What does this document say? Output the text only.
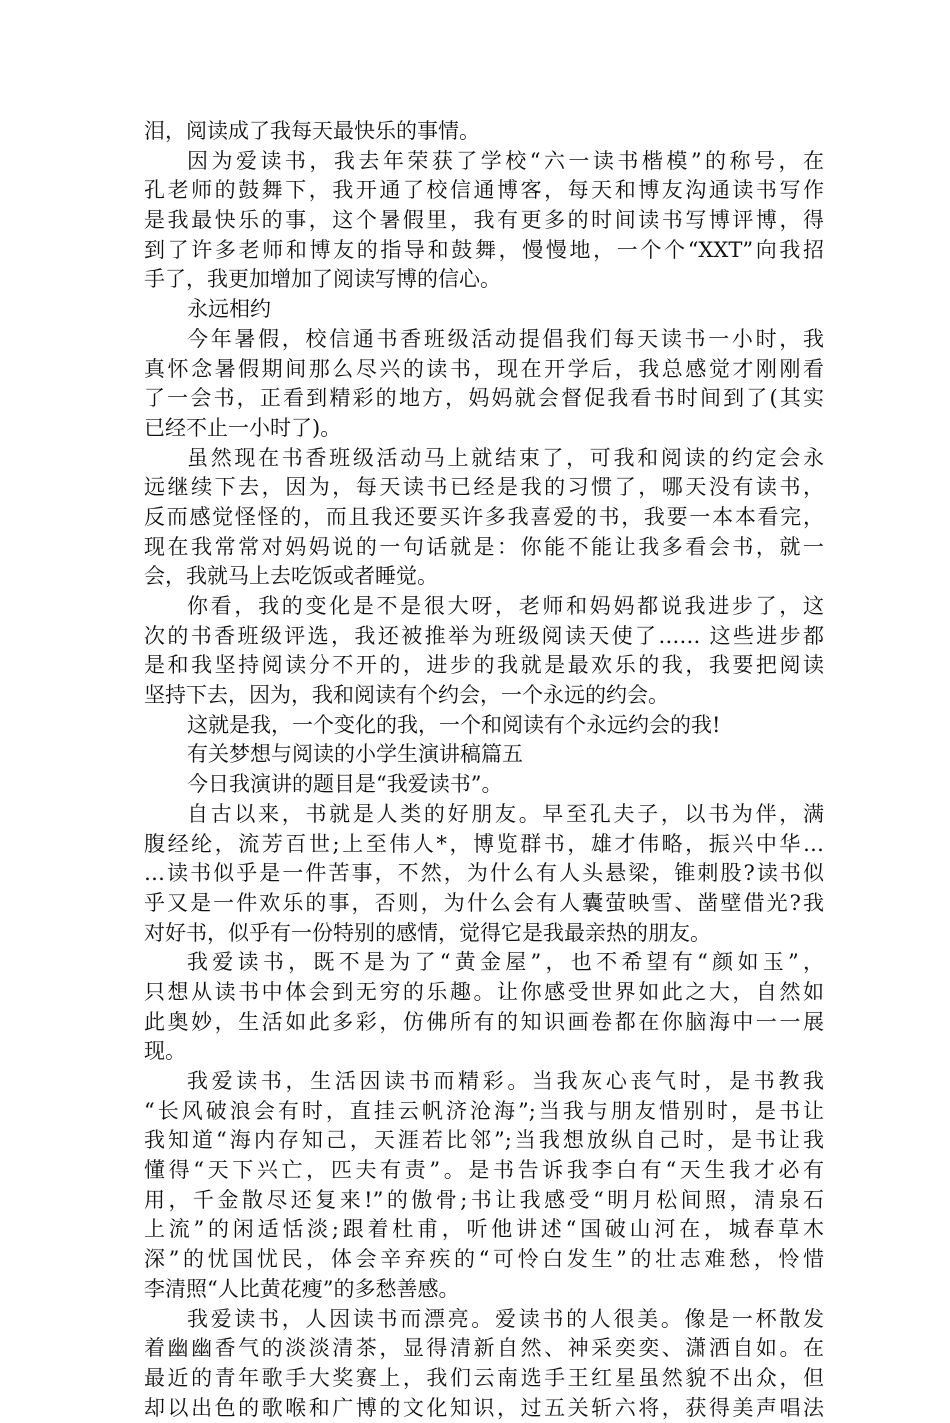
泪，阅读成了我每天最快乐的事情。
因为爱读书，我去年荣获了学校“六一读书楷模”的称号，在
孔老师的鼓舞下，我开通了校信通博客，每天和博友沟通读书写作
是我最快乐的事，这个暑假里，我有更多的时间读书写博评博，得
到了许多老师和博友的指导和鼓舞，慢慢地，一个个“XXT”向我招
手了，我更加增加了阅读写博的信心。
永远相约
今年暑假，校信通书香班级活动提倡我们每天读书一小时，我
真怀念暑假期间那么尽兴的读书，现在开学后，我总感觉才刚刚看
了一会书，正看到精彩的地方，妈妈就会督促我看书时间到了(其实
已经不止一小时了)。
虽然现在书香班级活动马上就结束了，可我和阅读的约定会永
远继续下去，因为，每天读书已经是我的习惯了，哪天没有读书，
反而感觉怪怪的，而且我还要买许多我喜爱的书，我要一本本看完，
现在我常常对妈妈说的一句话就是：你能不能让我多看会书，就一
会，我就马上去吃饭或者睡觉。
你看，我的变化是不是很大呀，老师和妈妈都说我进步了，这
次的书香班级评选，我还被推举为班级阅读天使了…… 这些进步都
是和我坚持阅读分不开的，进步的我就是最欢乐的我，我要把阅读
坚持下去，因为，我和阅读有个约会，一个永远的约会。
这就是我，一个变化的我，一个和阅读有个永远约会的我!
有关梦想与阅读的小学生演讲稿篇五
今日我演讲的题目是“我爱读书”。
自古以来，书就是人类的好朋友。早至孔夫子，以书为伴，满
腹经纶，流芳百世;上至伟人*，博览群书，雄才伟略，振兴中华…
…读书似乎是一件苦事，不然，为什么有人头悬梁，锥刺股?读书似
乎又是一件欢乐的事，否则，为什么会有人囊萤映雪、凿壁借光?我
对好书，似乎有一份特别的感情，觉得它是我最亲热的朋友。
我爱读书，既不是为了“黄金屋”，也不希望有“颜如玉”，
只想从读书中体会到无穷的乐趣。让你感受世界如此之大，自然如
此奥妙，生活如此多彩，仿佛所有的知识画卷都在你脑海中一一展
现。
我爱读书，生活因读书而精彩。当我灰心丧气时，是书教我
“长风破浪会有时，直挂云帆济沧海”;当我与朋友惜别时，是书让
我知道“海内存知己，天涯若比邻”;当我想放纵自己时，是书让我
懂得“天下兴亡，匹夫有责”。是书告诉我李白有“天生我才必有
用，千金散尽还复来!”的傲骨;书让我感受“明月松间照，清泉石
上流”的闲适恬淡;跟着杜甫，听他讲述“国破山河在，城春草木
深”的忧国忧民，体会辛弃疾的“可怜白发生”的壮志难愁，怜惜
李清照“人比黄花瘦”的多愁善感。
我爱读书，人因读书而漂亮。爱读书的人很美。像是一杯散发
着幽幽香气的淡淡清茶，显得清新自然、神采奕奕、潇洒自如。在
最近的青年歌手大奖赛上，我们云南选手王红星虽然貌不出众，但
却以出色的歌喉和广博的文化知识，过五关斩六将，获得美声唱法
